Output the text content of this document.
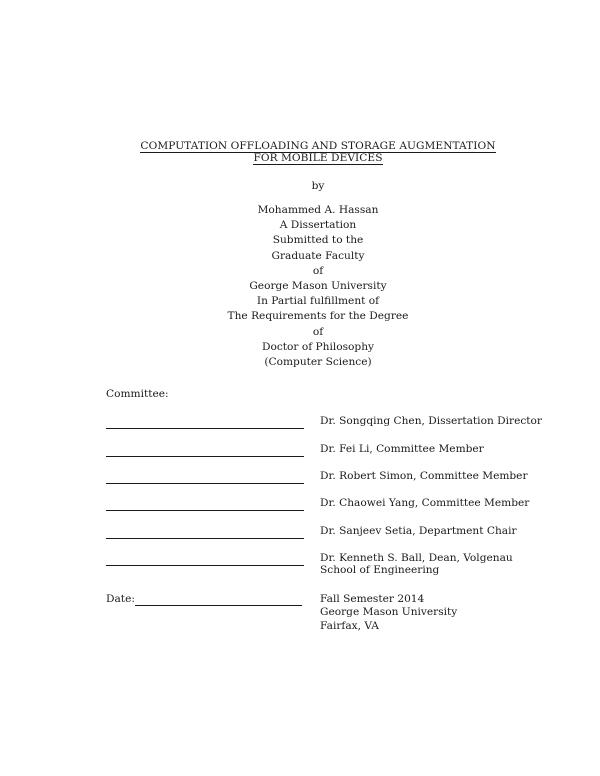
COMPUTATION OFFLOADING AND STORAGE AUGMENTATION
FOR MOBILE DEVICES
by
Mohammed A. Hassan
A Dissertation
Submitted to the
Graduate Faculty
of
George Mason University
In Partial fulfillment of
The Requirements for the Degree
of
Doctor of Philosophy
(Computer Science)
Committee:
Dr. Songqing Chen, Dissertation Director
Dr. Fei Li, Committee Member
Dr. Robert Simon, Committee Member
Dr. Chaowei Yang, Committee Member
Dr. Sanjeev Setia, Department Chair
Dr. Kenneth S. Ball, Dean, Volgenau School of Engineering
Date:	Fall Semester 2014
George Mason University
Fairfax, VA
